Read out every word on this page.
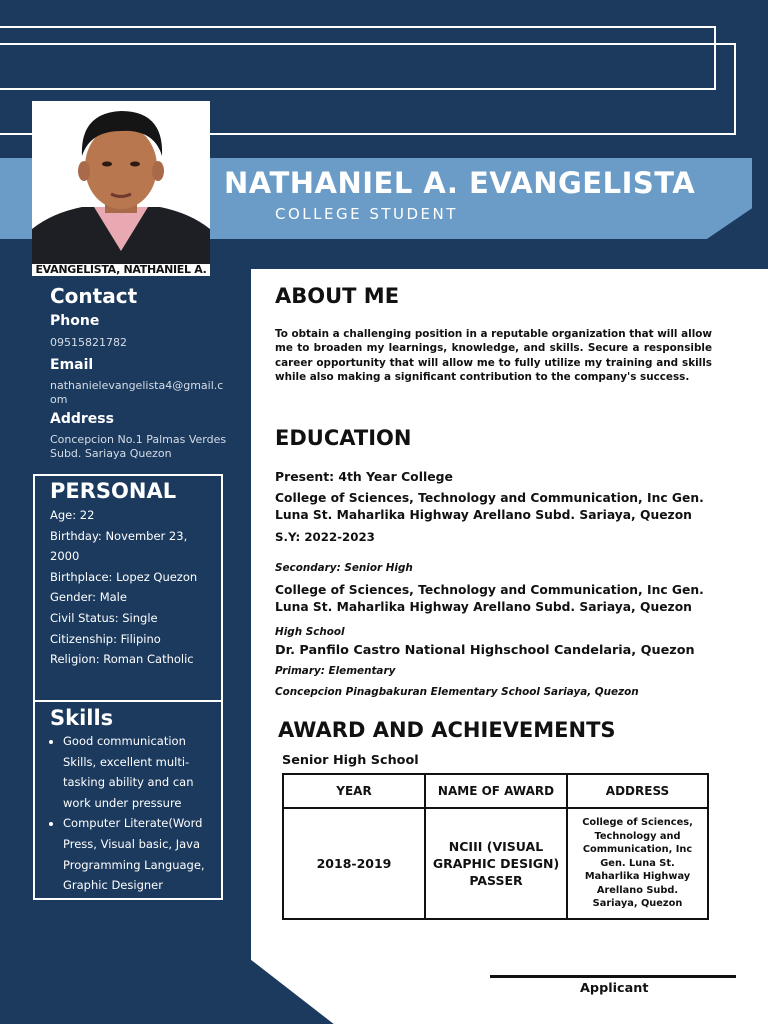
NATHANIEL A. EVANGELISTA
COLLEGE STUDENT
EVANGELISTA, NATHANIEL A.
Contact
Phone
09515821782
Email
nathanielevangelista4@gmail.com
Address
Concepcion No.1 Palmas Verdes Subd. Sariaya Quezon
PERSONAL
Age: 22
Birthday: November 23, 2000
Birthplace: Lopez Quezon
Gender: Male
Civil Status: Single
Citizenship: Filipino
Religion: Roman Catholic
Skills
• Good communication Skills, excellent multi-tasking ability and can work under pressure
• Computer Literate(Word Press, Visual basic, Java Programming Language, Graphic Designer
ABOUT ME

To obtain a challenging position in a reputable organization that will allow me to broaden my learnings, knowledge, and skills. Secure a responsible career opportunity that will allow me to fully utilize my training and skills while also making a significant contribution to the company's success.

EDUCATION
Present: 4th Year College
College of Sciences, Technology and Communication, Inc Gen. Luna St. Maharlika Highway Arellano Subd. Sariaya, Quezon
S.Y: 2022-2023
Secondary: Senior High
College of Sciences, Technology and Communication, Inc Gen. Luna St. Maharlika Highway Arellano Subd. Sariaya, Quezon
High School
Dr. Panfilo Castro National Highschool Candelaria, Quezon
Primary: Elementary
Concepcion Pinagbakuran Elementary School Sariaya, Quezon
AWARD AND ACHIEVEMENTS
Senior High School
YEAR	NAME OF AWARD	ADDRESS
2018-2019	NCIII (VISUAL GRAPHIC DESIGN) PASSER	College of Sciences, Technology and Communication, Inc Gen. Luna St. Maharlika Highway Arellano Subd. Sariaya, Quezon
Applicant
